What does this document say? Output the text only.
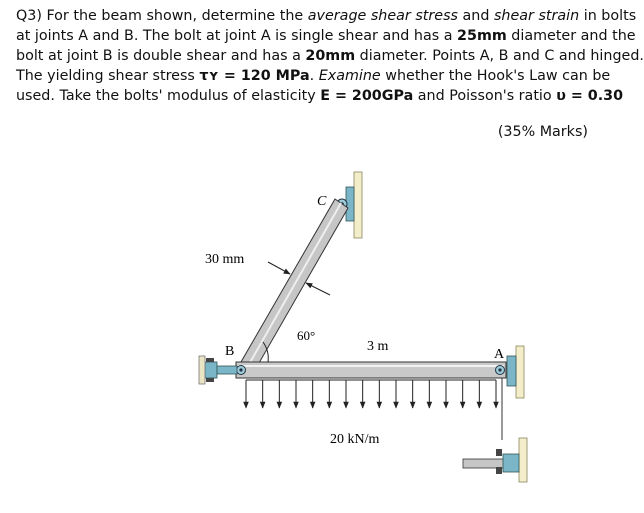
Q3) For the beam shown, determine the average shear stress and shear strain in bolts
at joints A and B. The bolt at joint A is single shear and has a 25mm diameter and the
bolt at joint B is double shear and has a 20mm diameter. Points A, B and C and hinged.
The yielding shear stress τʏ = 120 MPa. Examine whether the Hook's Law can be
used. Take the bolts' modulus of elasticity E = 200GPa and Poisson's ratio υ = 0.30
(35% Marks)
C
B	A
30 mm
60°
3 m
20 kN/m
